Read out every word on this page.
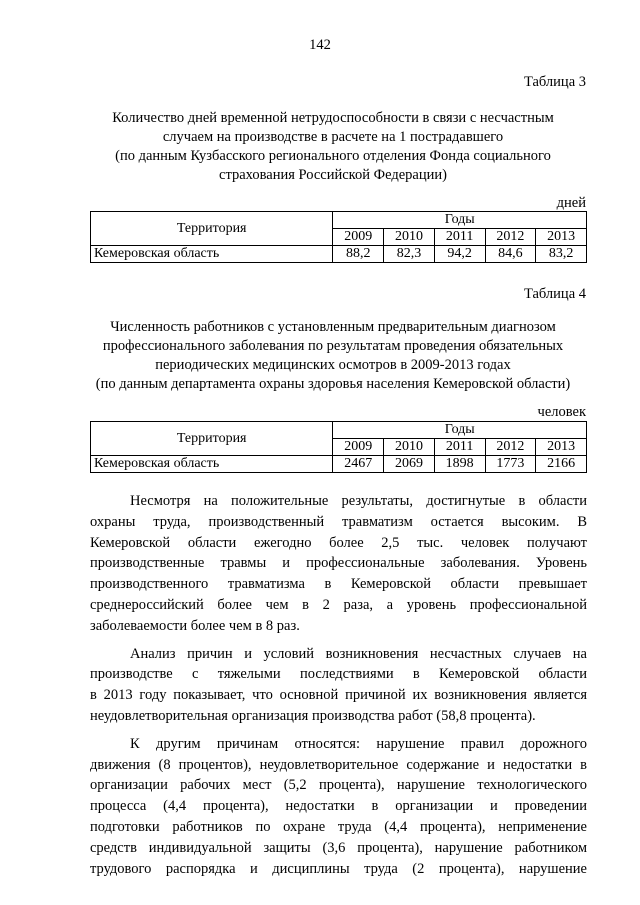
142
Таблица 3
Количество дней временной нетрудоспособности в связи с несчастным
случаем на производстве в расчете на 1 пострадавшего
(по данным Кузбасского регионального отделения Фонда социального
страхования Российской Федерации)
дней
Территория	Годы				
	2009	2010	2011	2012	2013
Кемеровская область	88,2	82,3	94,2	84,6	83,2
Таблица 4
Численность работников с установленным предварительным диагнозом
профессионального заболевания по результатам проведения обязательных
периодических медицинских осмотров в 2009-2013 годах
(по данным департамента охраны здоровья населения Кемеровской области)
человек
Территория	Годы				
	2009	2010	2011	2012	2013
Кемеровская область	2467	2069	1898	1773	2166
Несмотря на положительные результаты, достигнутые в области
охраны труда, производственный травматизм остается высоким. В
Кемеровской области ежегодно более 2,5 тыс. человек получают
производственные травмы и профессиональные заболевания. Уровень
производственного травматизма в Кемеровской области превышает
среднероссийский более чем в 2 раза, а уровень профессиональной
заболеваемости более чем в 8 раз.
Анализ причин и условий возникновения несчастных случаев на
производстве с тяжелыми последствиями в Кемеровской области
в 2013 году показывает, что основной причиной их возникновения является
неудовлетворительная организация производства работ (58,8 процента).
К другим причинам относятся: нарушение правил дорожного
движения (8 процентов), неудовлетворительное содержание и недостатки в
организации рабочих мест (5,2 процента), нарушение технологического
процесса (4,4 процента), недостатки в организации и проведении
подготовки работников по охране труда (4,4 процента), неприменение
средств индивидуальной защиты (3,6 процента), нарушение работником
трудового распорядка и дисциплины труда (2 процента), нарушение
